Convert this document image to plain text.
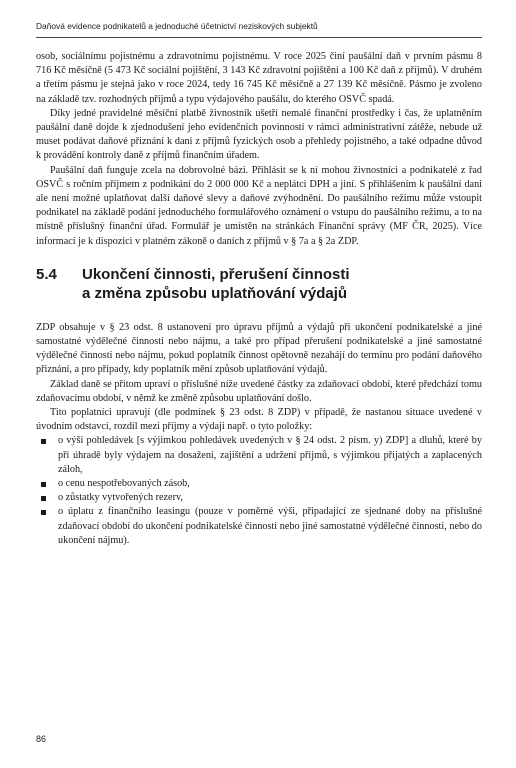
Daňová evidence podnikatelů a jednoduché účetnictví neziskových subjektů

osob, sociálnímu pojistnému a zdravotnímu pojistnému. V roce 2025 činí paušální daň v prvním pásmu 8 716 Kč měsíčně (5 473 Kč sociální pojištění, 3 143 Kč zdravotní pojištění a 100 Kč daň z příjmů). V druhém a třetím pásmu je stejná jako v roce 2024, tedy 16 745 Kč měsíčně a 27 139 Kč měsíčně. Pásmo je zvoleno na základě tzv. rozhodných příjmů a typu výdajového paušálu, do kterého OSVČ spadá.

Díky jedné pravidelné měsíční platbě živnostník ušetří nemalé finanční prostředky i čas, že uplatněním paušální daně dojde k zjednodušení jeho evidenčních povinností v rámci administrativní zátěže, nebude už muset podávat daňové přiznání k dani z příjmů fyzických osob a přehledy pojistného, a také odpadne důvod k provádění kontroly daně z příjmů finančním úřadem.

Paušální daň funguje zcela na dobrovolné bázi. Přihlásit se k ní mohou živnostníci a podnikatelé z řad OSVČ s ročním příjmem z podnikání do 2 000 000 Kč a neplátci DPH a jiní. S přihlášením k paušální dani ale není možné uplatňovat další daňové slevy a daňové zvýhodnění. Do paušálního režimu může vstoupit podnikatel na základě podání jednoduchého formulářového oznámení o vstupu do paušálního režimu, a to na místně příslušný finanční úřad. Formulář je umístěn na stránkách Finanční správy (MF ČR, 2025). Více informací je k dispozici v platném zákoně o daních z příjmů v § 7a a § 2a ZDP.

5.4	Ukončení činnosti, přerušení činnosti
a změna způsobu uplatňování výdajů

ZDP obsahuje v § 23 odst. 8 ustanovení pro úpravu příjmů a výdajů při ukončení podnikatelské a jiné samostatné výdělečné činnosti nebo nájmu, a také pro případ přerušení podnikatelské a jiné samostatné výdělečné činnosti nebo nájmu, pokud poplatník činnost opětovně nezahájí do termínu pro podání daňového přiznání, a pro případy, kdy poplatník mění způsob uplatňování výdajů.

Základ daně se přitom upraví o příslušné níže uvedené částky za zdaňovací období, které předchází tomu zdaňovacímu období, v němž ke změně způsobu uplatňování došlo.

Tito poplatníci upravují (dle podmínek § 23 odst. 8 ZDP) v případě, že nastanou situace uvedené v úvodním odstavci, rozdíl mezi příjmy a výdaji např. o tyto položky:

o výši pohledávek [s výjimkou pohledávek uvedených v § 24 odst. 2 písm. y) ZDP] a dluhů, které by při úhradě byly výdajem na dosažení, zajištění a udržení příjmů, s výjimkou přijatých a zaplacených záloh,
o cenu nespotřebovaných zásob,
o zůstatky vytvořených rezerv,
o úplatu z finančního leasingu (pouze v poměrné výši, připadající ze sjednané doby na příslušné zdaňovací období do ukončení podnikatelské činnosti nebo jiné samostatné výdělečné činnosti, nebo do ukončení nájmu).
86
